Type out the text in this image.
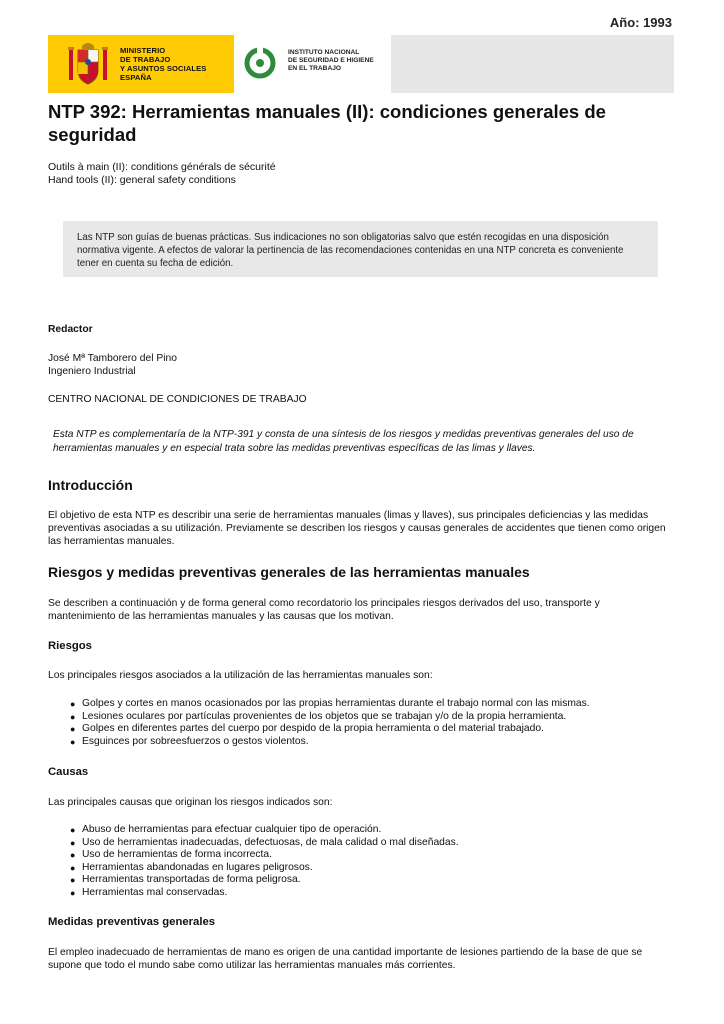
Año: 1993
MINISTERIO
DE TRABAJO
Y ASUNTOS SOCIALES
ESPAÑA
INSTITUTO NACIONAL
DE SEGURIDAD E HIGIENE
EN EL TRABAJO
NTP 392: Herramientas manuales (II): condiciones generales de seguridad
Outils à main (II): conditions générals de sécurité
Hand tools (II): general safety conditions
Las NTP son guías de buenas prácticas. Sus indicaciones no son obligatorias salvo que estén recogidas en una disposición normativa vigente. A efectos de valorar la pertinencia de las recomendaciones contenidas en una NTP concreta es conveniente tener en cuenta su fecha de edición.
Redactor
José Mª Tamborero del Pino
Ingeniero Industrial
CENTRO NACIONAL DE CONDICIONES DE TRABAJO
Esta NTP es complementaría de la NTP-391 y consta de una síntesis de los riesgos y medidas preventivas generales del uso de herramientas manuales y en especial trata sobre las medidas preventivas específicas de las limas y llaves.
Introducción
El objetivo de esta NTP es describir una serie de herramientas manuales (limas y llaves), sus principales deficiencias y las medidas preventivas asociadas a su utilización. Previamente se describen los riesgos y causas generales de accidentes que tienen como origen las herramientas manuales.
Riesgos y medidas preventivas generales de las herramientas manuales
Se describen a continuación y de forma general como recordatorio los principales riesgos derivados del uso, transporte y mantenimiento de las herramientas manuales y las causas que los motivan.
Riesgos
Los principales riesgos asociados a la utilización de las herramientas manuales son:
● Golpes y cortes en manos ocasionados por las propias herramientas durante el trabajo normal con las mismas.
● Lesiones oculares por partículas provenientes de los objetos que se trabajan y/o de la propia herramienta.
● Golpes en diferentes partes del cuerpo por despido de la propia herramienta o del material trabajado.
● Esguinces por sobreesfuerzos o gestos violentos.
Causas
Las principales causas que originan los riesgos indicados son:
● Abuso de herramientas para efectuar cualquier tipo de operación.
● Uso de herramientas inadecuadas, defectuosas, de mala calidad o mal diseñadas.
● Uso de herramientas de forma incorrecta.
● Herramientas abandonadas en lugares peligrosos.
● Herramientas transportadas de forma peligrosa.
● Herramientas mal conservadas.
Medidas preventivas generales
El empleo inadecuado de herramientas de mano es origen de una cantidad importante de lesiones partiendo de la base de que se supone que todo el mundo sabe como utilizar las herramientas manuales más corrientes.
